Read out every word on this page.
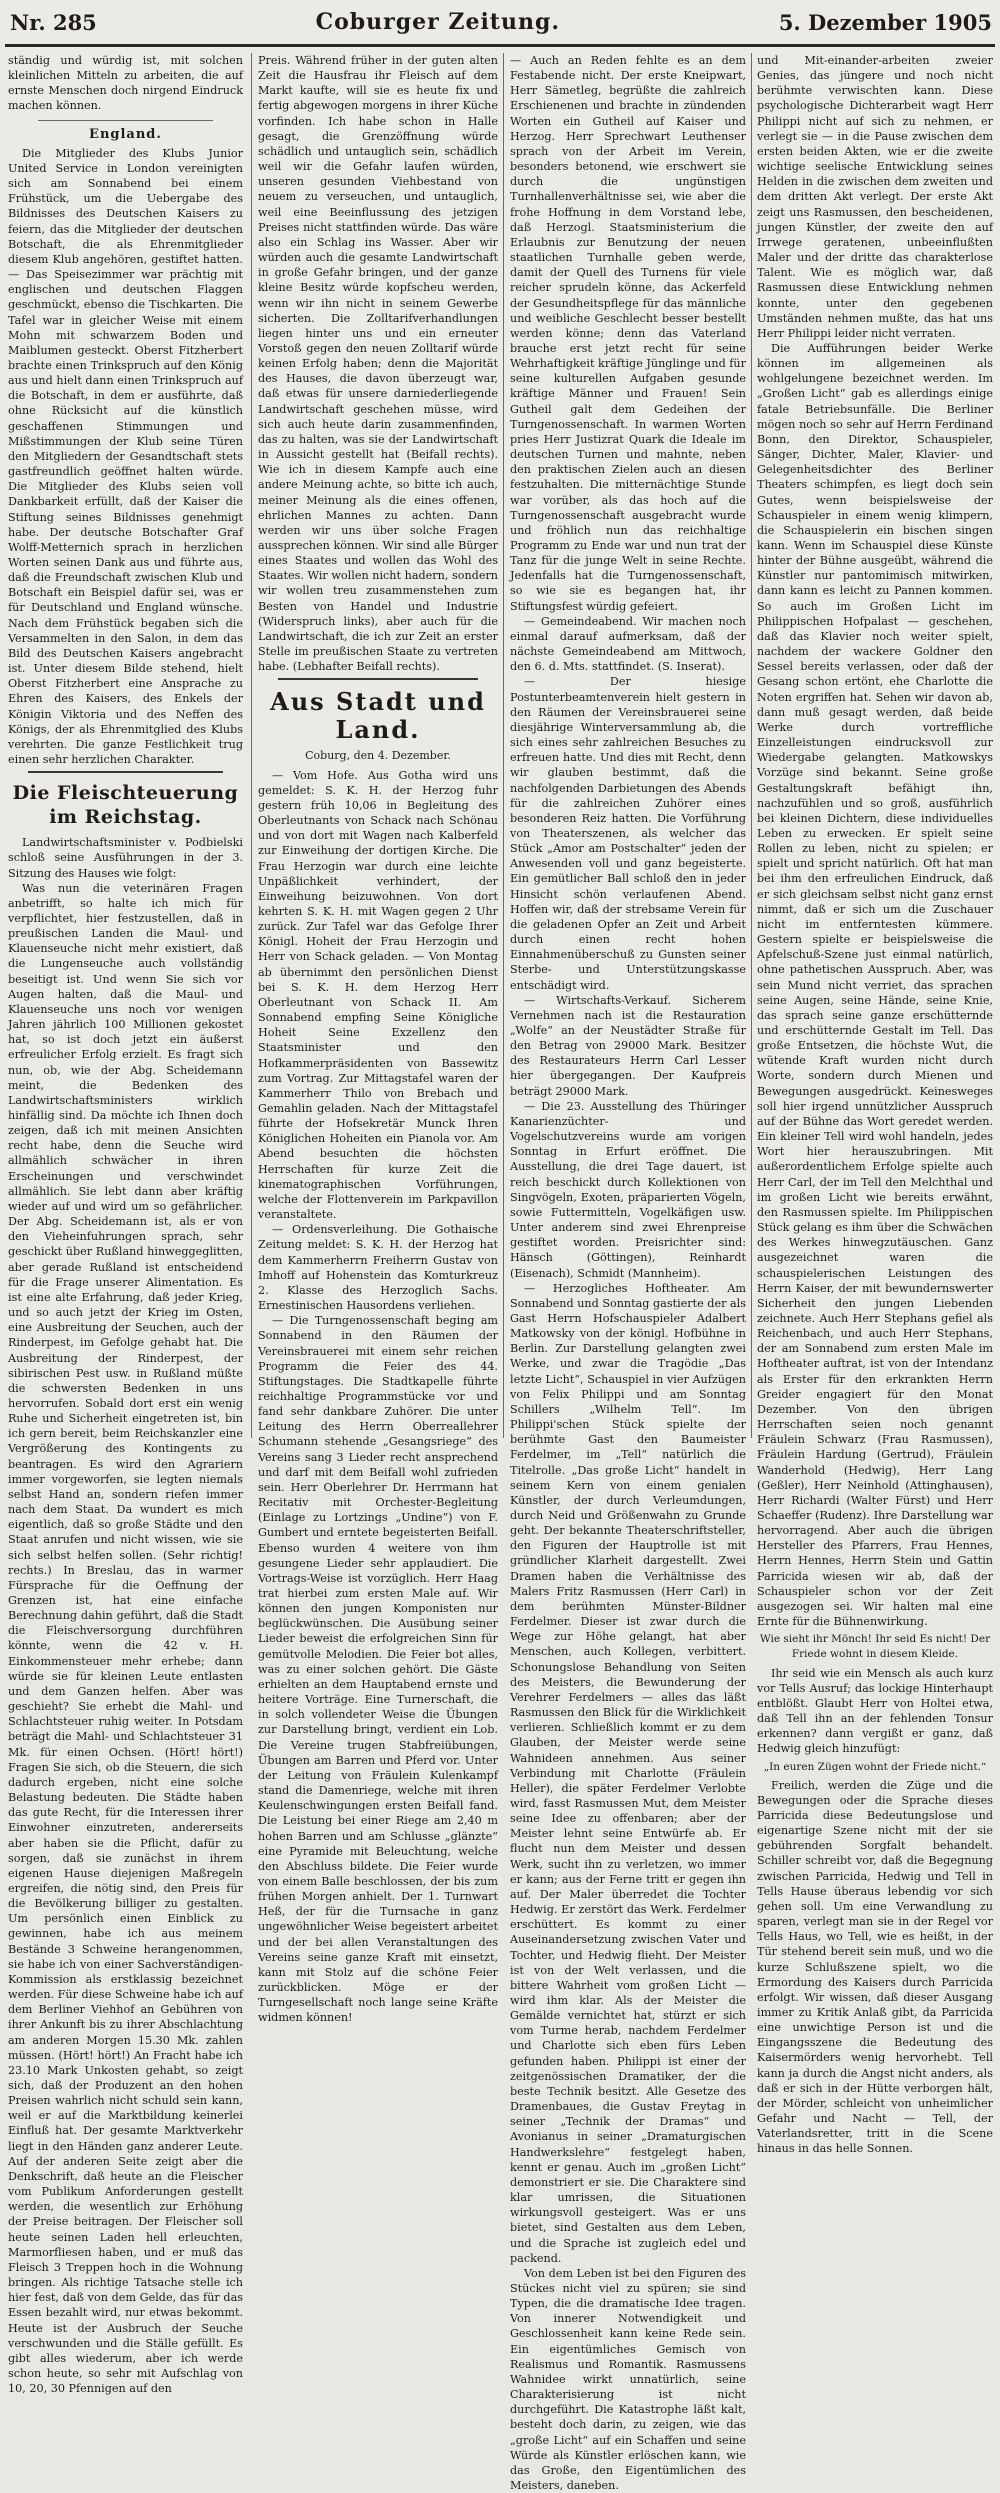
Nr. 285	Coburger Zeitung.	5. Dezember 1905

ständig und würdig ist, mit solchen kleinlichen Mitteln zu arbeiten, die auf ernste Menschen doch nirgend Eindruck machen können.

England.

Die Mitglieder des Klubs Junior United Service in London vereinigten sich am Sonnabend bei einem Frühstück, um die Uebergabe des Bildnisses des Deutschen Kaisers zu feiern, das die Mitglieder der deutschen Botschaft, die als Ehrenmitglieder diesem Klub angehören, gestiftet hatten. — Das Speisezimmer war prächtig mit englischen und deutschen Flaggen geschmückt, ebenso die Tischkarten. Die Tafel war in gleicher Weise mit einem Mohn mit schwarzem Boden und Maiblumen gesteckt. Oberst Fitzherbert brachte einen Trinkspruch auf den König aus und hielt dann einen Trinkspruch auf die Botschaft, in dem er ausführte, daß ohne Rücksicht auf die künstlich geschaffenen Stimmungen und Mißstimmungen der Klub seine Türen den Mitgliedern der Gesandtschaft stets gastfreundlich geöffnet halten würde. Die Mitglieder des Klubs seien voll Dankbarkeit erfüllt, daß der Kaiser die Stiftung seines Bildnisses genehmigt habe. Der deutsche Botschafter Graf Wolff-Metternich sprach in herzlichen Worten seinen Dank aus und führte aus, daß die Freundschaft zwischen Klub und Botschaft ein Beispiel dafür sei, was er für Deutschland und England wünsche. Nach dem Frühstück begaben sich die Versammelten in den Salon, in dem das Bild des Deutschen Kaisers angebracht ist. Unter diesem Bilde stehend, hielt Oberst Fitzherbert eine Ansprache zu Ehren des Kaisers, des Enkels der Königin Viktoria und des Neffen des Königs, der als Ehrenmitglied des Klubs verehrten. Die ganze Festlichkeit trug einen sehr herzlichen Charakter.

Die Fleischteuerung im Reichstag.

Landwirtschaftsminister v. Podbielski schloß seine Ausführungen in der 3. Sitzung des Hauses wie folgt:

Was nun die veterinären Fragen anbetrifft, so halte ich mich für verpflichtet, hier festzustellen, daß in preußischen Landen die Maul- und Klauenseuche nicht mehr existiert, daß die Lungenseuche auch vollständig beseitigt ist. Und wenn Sie sich vor Augen halten, daß die Maul- und Klauenseuche uns noch vor wenigen Jahren jährlich 100 Millionen gekostet hat, so ist doch jetzt ein äußerst erfreulicher Erfolg erzielt. Es fragt sich nun, ob, wie der Abg. Scheidemann meint, die Bedenken des Landwirtschaftsministers wirklich hinfällig sind. Da möchte ich Ihnen doch zeigen, daß ich mit meinen Ansichten recht habe, denn die Seuche wird allmählich schwächer in ihren Erscheinungen und verschwindet allmählich. Sie lebt dann aber kräftig wieder auf und wird um so gefährlicher. Der Abg. Scheidemann ist, als er von den Vieheinfuhrungen sprach, sehr geschickt über Rußland hinweggeglitten, aber gerade Rußland ist entscheidend für die Frage unserer Alimentation. Es ist eine alte Erfahrung, daß jeder Krieg, und so auch jetzt der Krieg im Osten, eine Ausbreitung der Seuchen, auch der Rinderpest, im Gefolge gehabt hat. Die Ausbreitung der Rinderpest, der sibirischen Pest usw. in Rußland müßte die schwersten Bedenken in uns hervorrufen. Sobald dort erst ein wenig Ruhe und Sicherheit eingetreten ist, bin ich gern bereit, beim Reichskanzler eine Vergrößerung des Kontingents zu beantragen. Es wird den Agrariern immer vorgeworfen, sie legten niemals selbst Hand an, sondern riefen immer nach dem Staat. Da wundert es mich eigentlich, daß so große Städte und den Staat anrufen und nicht wissen, wie sie sich selbst helfen sollen. (Sehr richtig! rechts.) In Breslau, das in warmer Fürsprache für die Oeffnung der Grenzen ist, hat eine einfache Berechnung dahin geführt, daß die Stadt die Fleischversorgung durchführen könnte, wenn die 42 v. H. Einkommensteuer mehr erhebe; dann würde sie für kleinen Leute entlasten und dem Ganzen helfen. Aber was geschieht? Sie erhebt die Mahl- und Schlachtsteuer ruhig weiter. In Potsdam beträgt die Mahl- und Schlachtsteuer 31 Mk. für einen Ochsen. (Hört! hört!) Fragen Sie sich, ob die Steuern, die sich dadurch ergeben, nicht eine solche Belastung bedeuten. Die Städte haben das gute Recht, für die Interessen ihrer Einwohner einzutreten, andererseits aber haben sie die Pflicht, dafür zu sorgen, daß sie zunächst in ihrem eigenen Hause diejenigen Maßregeln ergreifen, die nötig sind, den Preis für die Bevölkerung billiger zu gestalten. Um persönlich einen Einblick zu gewinnen, habe ich aus meinem Bestände 3 Schweine herangenommen, sie habe ich von einer Sachverständigen-Kommission als erstklassig bezeichnet werden. Für diese Schweine habe ich auf dem Berliner Viehhof an Gebühren von ihrer Ankunft bis zu ihrer Abschlachtung am anderen Morgen 15.30 Mk. zahlen müssen. (Hört! hört!) An Fracht habe ich 23.10 Mark Unkosten gehabt, so zeigt sich, daß der Produzent an den hohen Preisen wahrlich nicht schuld sein kann, weil er auf die Marktbildung keinerlei Einfluß hat. Der gesamte Marktverkehr liegt in den Händen ganz anderer Leute. Auf der anderen Seite zeigt aber die Denkschrift, daß heute an die Fleischer vom Publikum Anforderungen gestellt werden, die wesentlich zur Erhöhung der Preise beitragen. Der Fleischer soll heute seinen Laden hell erleuchten, Marmorfliesen haben, und er muß das Fleisch 3 Treppen hoch in die Wohnung bringen. Als richtige Tatsache stelle ich hier fest, daß von dem Gelde, das für das Essen bezahlt wird, nur etwas bekommt. Heute ist der Ausbruch der Seuche verschwunden und die Ställe gefüllt. Es gibt alles wiederum, aber ich werde schon heute, so sehr mit Aufschlag von 10, 20, 30 Pfennigen auf den

Preis. Während früher in der guten alten Zeit die Hausfrau ihr Fleisch auf dem Markt kaufte, will sie es heute fix und fertig abgewogen morgens in ihrer Küche vorfinden. Ich habe schon in Halle gesagt, die Grenzöffnung würde schädlich und untauglich sein, schädlich weil wir die Gefahr laufen würden, unseren gesunden Viehbestand von neuem zu verseuchen, und untauglich, weil eine Beeinflussung des jetzigen Preises nicht stattfinden würde. Das wäre also ein Schlag ins Wasser. Aber wir würden auch die gesamte Landwirtschaft in große Gefahr bringen, und der ganze kleine Besitz würde kopfscheu werden, wenn wir ihn nicht in seinem Gewerbe sicherten. Die Zolltarifverhandlungen liegen hinter uns und ein erneuter Vorstoß gegen den neuen Zolltarif würde keinen Erfolg haben; denn die Majorität des Hauses, die davon überzeugt war, daß etwas für unsere darniederliegende Landwirtschaft geschehen müsse, wird sich auch heute darin zusammenfinden, das zu halten, was sie der Landwirtschaft in Aussicht gestellt hat (Beifall rechts). Wie ich in diesem Kampfe auch eine andere Meinung achte, so bitte ich auch, meiner Meinung als die eines offenen, ehrlichen Mannes zu achten. Dann werden wir uns über solche Fragen aussprechen können. Wir sind alle Bürger eines Staates und wollen das Wohl des Staates. Wir wollen nicht hadern, sondern wir wollen treu zusammenstehen zum Besten von Handel und Industrie (Widerspruch links), aber auch für die Landwirtschaft, die ich zur Zeit an erster Stelle im preußischen Staate zu vertreten habe. (Lebhafter Beifall rechts).

Aus Stadt und Land.
Coburg, den 4. Dezember.

— Vom Hofe. Aus Gotha wird uns gemeldet: S. K. H. der Herzog fuhr gestern früh 10,06 in Begleitung des Oberleutnants von Schack nach Schönau und von dort mit Wagen nach Kalberfeld zur Einweihung der dortigen Kirche. Die Frau Herzogin war durch eine leichte Unpäßlichkeit verhindert, der Einweihung beizuwohnen. Von dort kehrten S. K. H. mit Wagen gegen 2 Uhr zurück. Zur Tafel war das Gefolge Ihrer Königl. Hoheit der Frau Herzogin und Herr von Schack geladen. — Von Montag ab übernimmt den persönlichen Dienst bei S. K. H. dem Herzog Herr Oberleutnant von Schack II. Am Sonnabend empfing Seine Königliche Hoheit Seine Exzellenz den Staatsminister und den Hofkammerpräsidenten von Bassewitz zum Vortrag. Zur Mittagstafel waren der Kammerherr Thilo von Brebach und Gemahlin geladen. Nach der Mittagstafel führte der Hofsekretär Munck Ihren Königlichen Hoheiten ein Pianola vor. Am Abend besuchten die höchsten Herrschaften für kurze Zeit die kinematographischen Vorführungen, welche der Flottenverein im Parkpavillon veranstaltete.

— Ordensverleihung. Die Gothaische Zeitung meldet: S. K. H. der Herzog hat dem Kammerherrn Freiherrn Gustav von Imhoff auf Hohenstein das Komturkreuz 2. Klasse des Herzoglich Sachs. Ernestinischen Hausordens verliehen.

— Die Turngenossenschaft beging am Sonnabend in den Räumen der Vereinsbrauerei mit einem sehr reichen Programm die Feier des 44. Stiftungstages. Die Stadtkapelle führte reichhaltige Programmstücke vor und fand sehr dankbare Zuhörer. Die unter Leitung des Herrn Oberreallehrer Schumann stehende „Gesangsriege“ des Vereins sang 3 Lieder recht ansprechend und darf mit dem Beifall wohl zufrieden sein. Herr Oberlehrer Dr. Herrmann hat Recitativ mit Orchester-Begleitung (Einlage zu Lortzings „Undine“) von F. Gumbert und erntete begeisterten Beifall. Ebenso wurden 4 weitere von ihm gesungene Lieder sehr applaudiert. Die Vortrags-Weise ist vorzüglich. Herr Haag trat hierbei zum ersten Male auf. Wir können den jungen Komponisten nur beglückwünschen. Die Ausübung seiner Lieder beweist die erfolgreichen Sinn für gemütvolle Melodien. Die Feier bot alles, was zu einer solchen gehört. Die Gäste erhielten an dem Hauptabend ernste und heitere Vorträge. Eine Turnerschaft, die in solch vollendeter Weise die Übungen zur Darstellung bringt, verdient ein Lob. Die Vereine trugen Stabfreiübungen, Übungen am Barren und Pferd vor. Unter der Leitung von Fräulein Kulenkampf stand die Damenriege, welche mit ihren Keulenschwingungen ersten Beifall fand. Die Leistung bei einer Riege am 2,40 m hohen Barren und am Schlusse „glänzte“ eine Pyramide mit Beleuchtung, welche den Abschluss bildete. Die Feier wurde von einem Balle beschlossen, der bis zum frühen Morgen anhielt. Der 1. Turnwart Heß, der für die Turnsache in ganz ungewöhnlicher Weise begeistert arbeitet und der bei allen Veranstaltungen des Vereins seine ganze Kraft mit einsetzt, kann mit Stolz auf die schöne Feier zurückblicken. Möge er der Turngesellschaft noch lange seine Kräfte widmen können!

— Auch an Reden fehlte es an dem Festabende nicht. Der erste Kneipwart, Herr Sämetleg, begrüßte die zahlreich Erschienenen und brachte in zündenden Worten ein Gutheil auf Kaiser und Herzog. Herr Sprechwart Leuthenser sprach von der Arbeit im Verein, besonders betonend, wie erschwert sie durch die ungünstigen Turnhallenverhältnisse sei, wie aber die frohe Hoffnung in dem Vorstand lebe, daß Herzogl. Staatsministerium die Erlaubnis zur Benutzung der neuen staatlichen Turnhalle geben werde, damit der Quell des Turnens für viele reicher sprudeln könne, das Ackerfeld der Gesundheitspflege für das männliche und weibliche Geschlecht besser bestellt werden könne; denn das Vaterland brauche erst jetzt recht für seine Wehrhaftigkeit kräftige Jünglinge und für seine kulturellen Aufgaben gesunde kräftige Männer und Frauen! Sein Gutheil galt dem Gedeihen der Turngenossenschaft. In warmen Worten pries Herr Justizrat Quark die Ideale im deutschen Turnen und mahnte, neben den praktischen Zielen auch an diesen festzuhalten. Die mitternächtige Stunde war vorüber, als das hoch auf die Turngenossenschaft ausgebracht wurde und fröhlich nun das reichhaltige Programm zu Ende war und nun trat der Tanz für die junge Welt in seine Rechte. Jedenfalls hat die Turngenossenschaft, so wie sie es begangen hat, ihr Stiftungsfest würdig gefeiert.

— Gemeindeabend. Wir machen noch einmal darauf aufmerksam, daß der nächste Gemeindeabend am Mittwoch, den 6. d. Mts. stattfindet. (S. Inserat).

— Der hiesige Postunterbeamtenverein hielt gestern in den Räumen der Vereinsbrauerei seine diesjährige Winterversammlung ab, die sich eines sehr zahlreichen Besuches zu erfreuen hatte. Und dies mit Recht, denn wir glauben bestimmt, daß die nachfolgenden Darbietungen des Abends für die zahlreichen Zuhörer eines besonderen Reiz hatten. Die Vorführung von Theaterszenen, als welcher das Stück „Amor am Postschalter“ jeden der Anwesenden voll und ganz begeisterte. Ein gemütlicher Ball schloß den in jeder Hinsicht schön verlaufenen Abend. Hoffen wir, daß der strebsame Verein für die geladenen Opfer an Zeit und Arbeit durch einen recht hohen Einnahmenüberschuß zu Gunsten seiner Sterbe- und Unterstützungskasse entschädigt wird.

— Wirtschafts-Verkauf. Sicherem Vernehmen nach ist die Restauration „Wolfe“ an der Neustädter Straße für den Betrag von 29000 Mark. Besitzer des Restaurateurs Herrn Carl Lesser hier übergegangen. Der Kaufpreis beträgt 29000 Mark.

— Die 23. Ausstellung des Thüringer Kanarienzüchter- und Vogelschutzvereins wurde am vorigen Sonntag in Erfurt eröffnet. Die Ausstellung, die drei Tage dauert, ist reich beschickt durch Kollektionen von Singvögeln, Exoten, präparierten Vögeln, sowie Futtermitteln, Vogelkäfigen usw. Unter anderem sind zwei Ehrenpreise gestiftet worden. Preisrichter sind: Hänsch (Göttingen), Reinhardt (Eisenach), Schmidt (Mannheim).

— Herzogliches Hoftheater. Am Sonnabend und Sonntag gastierte der als Gast Herrn Hofschauspieler Adalbert Matkowsky von der königl. Hofbühne in Berlin. Zur Darstellung gelangten zwei Werke, und zwar die Tragödie „Das letzte Licht“, Schauspiel in vier Aufzügen von Felix Philippi und am Sonntag Schillers „Wilhelm Tell“. Im Philippi'schen Stück spielte der berühmte Gast den Baumeister Ferdelmer, im „Tell“ natürlich die Titelrolle. „Das große Licht“ handelt in seinem Kern von einem genialen Künstler, der durch Verleumdungen, durch Neid und Größenwahn zu Grunde geht. Der bekannte Theaterschriftsteller, den Figuren der Hauptrolle ist mit gründlicher Klarheit dargestellt. Zwei Dramen haben die Verhältnisse des Malers Fritz Rasmussen (Herr Carl) in dem berühmten Münster-Bildner Ferdelmer. Dieser ist zwar durch die Wege zur Höhe gelangt, hat aber Menschen, auch Kollegen, verbittert. Schonungslose Behandlung von Seiten des Meisters, die Bewunderung der Verehrer Ferdelmers — alles das läßt Rasmussen den Blick für die Wirklichkeit verlieren. Schließlich kommt er zu dem Glauben, der Meister werde seine Wahnideen annehmen. Aus seiner Verbindung mit Charlotte (Fräulein Heller), die später Ferdelmer Verlobte wird, fasst Rasmussen Mut, dem Meister seine Idee zu offenbaren; aber der Meister lehnt seine Entwürfe ab. Er flucht nun dem Meister und dessen Werk, sucht ihn zu verletzen, wo immer er kann; aus der Ferne tritt er gegen ihn auf. Der Maler überredet die Tochter Hedwig. Er zerstört das Werk. Ferdelmer erschüttert. Es kommt zu einer Auseinandersetzung zwischen Vater und Tochter, und Hedwig flieht. Der Meister ist von der Welt verlassen, und die bittere Wahrheit vom großen Licht — wird ihm klar. Als der Meister die Gemälde vernichtet hat, stürzt er sich vom Turme herab, nachdem Ferdelmer und Charlotte sich eben fürs Leben gefunden haben. Philippi ist einer der zeitgenössischen Dramatiker, der die beste Technik besitzt. Alle Gesetze des Dramenbaues, die Gustav Freytag in seiner „Technik der Dramas“ und Avonianus in seiner „Dramaturgischen Handwerkslehre“ festgelegt haben, kennt er genau. Auch im „großen Licht“ demonstriert er sie. Die Charaktere sind klar umrissen, die Situationen wirkungsvoll gesteigert. Was er uns bietet, sind Gestalten aus dem Leben, und die Sprache ist zugleich edel und packend.

Von dem Leben ist bei den Figuren des Stückes nicht viel zu spüren; sie sind Typen, die die dramatische Idee tragen. Von innerer Notwendigkeit und Geschlossenheit kann keine Rede sein. Ein eigentümliches Gemisch von Realismus und Romantik. Rasmussens Wahnidee wirkt unnatürlich, seine Charakterisierung ist nicht durchgeführt. Die Katastrophe läßt kalt, besteht doch darin, zu zeigen, wie das „große Licht“ auf ein Schaffen und seine Würde als Künstler erlöschen kann, wie das Große, den Eigentümlichen des Meisters, daneben.

und Mit-einander-arbeiten zweier Genies, das jüngere und noch nicht berühmte verwischten kann. Diese psychologische Dichterarbeit wagt Herr Philippi nicht auf sich zu nehmen, er verlegt sie — in die Pause zwischen dem ersten beiden Akten, wie er die zweite wichtige seelische Entwicklung seines Helden in die zwischen dem zweiten und dem dritten Akt verlegt. Der erste Akt zeigt uns Rasmussen, den bescheidenen, jungen Künstler, der zweite den auf Irrwege geratenen, unbeeinflußten Maler und der dritte das charakterlose Talent. Wie es möglich war, daß Rasmussen diese Entwicklung nehmen konnte, unter den gegebenen Umständen nehmen mußte, das hat uns Herr Philippi leider nicht verraten.

Die Aufführungen beider Werke können im allgemeinen als wohlgelungene bezeichnet werden. Im „Großen Licht“ gab es allerdings einige fatale Betriebsunfälle. Die Berliner mögen noch so sehr auf Herrn Ferdinand Bonn, den Direktor, Schauspieler, Sänger, Dichter, Maler, Klavier- und Gelegenheitsdichter des Berliner Theaters schimpfen, es liegt doch sein Gutes, wenn beispielsweise der Schauspieler in einem wenig klimpern, die Schauspielerin ein bischen singen kann. Wenn im Schauspiel diese Künste hinter der Bühne ausgeübt, während die Künstler nur pantomimisch mitwirken, dann kann es leicht zu Pannen kommen. So auch im Großen Licht im Philippischen Hofpalast — geschehen, daß das Klavier noch weiter spielt, nachdem der wackere Goldner den Sessel bereits verlassen, oder daß der Gesang schon ertönt, ehe Charlotte die Noten ergriffen hat. Sehen wir davon ab, dann muß gesagt werden, daß beide Werke durch vortreffliche Einzelleistungen eindrucksvoll zur Wiedergabe gelangten. Matkowskys Vorzüge sind bekannt. Seine große Gestaltungskraft befähigt ihn, nachzufühlen und so groß, ausführlich bei kleinen Dichtern, diese individuelles Leben zu erwecken. Er spielt seine Rollen zu leben, nicht zu spielen; er spielt und spricht natürlich. Oft hat man bei ihm den erfreulichen Eindruck, daß er sich gleichsam selbst nicht ganz ernst nimmt, daß er sich um die Zuschauer nicht im entferntesten kümmere. Gestern spielte er beispielsweise die Apfelschuß-Szene just einmal natürlich, ohne pathetischen Ausspruch. Aber, was sein Mund nicht verriet, das sprachen seine Augen, seine Hände, seine Knie, das sprach seine ganze erschütternde und erschütternde Gestalt im Tell. Das große Entsetzen, die höchste Wut, die wütende Kraft wurden nicht durch Worte, sondern durch Mienen und Bewegungen ausgedrückt. Keinesweges soll hier irgend unnützlicher Ausspruch auf der Bühne das Wort geredet werden. Ein kleiner Tell wird wohl handeln, jedes Wort hier herauszubringen. Mit außerordentlichem Erfolge spielte auch Herr Carl, der im Tell den Melchthal und im großen Licht wie bereits erwähnt, den Rasmussen spielte. Im Philippischen Stück gelang es ihm über die Schwächen des Werkes hinwegzutäuschen. Ganz ausgezeichnet waren die schauspielerischen Leistungen des Herrn Kaiser, der mit bewundernswerter Sicherheit den jungen Liebenden zeichnete. Auch Herr Stephans gefiel als Reichenbach, und auch Herr Stephans, der am Sonnabend zum ersten Male im Hoftheater auftrat, ist von der Intendanz als Erster für den erkrankten Herrn Greider engagiert für den Monat Dezember. Von den übrigen Herrschaften seien noch genannt Fräulein Schwarz (Frau Rasmussen), Fräulein Hardung (Gertrud), Fräulein Wanderhold (Hedwig), Herr Lang (Geßler), Herr Neinhold (Attinghausen), Herr Richardi (Walter Fürst) und Herr Schaeffer (Rudenz). Ihre Darstellung war hervorragend. Aber auch die übrigen Hersteller des Pfarrers, Frau Hennes, Herrn Hennes, Herrn Stein und Gattin Parricida wiesen wir ab, daß der Schauspieler schon vor der Zeit ausgezogen sei. Wir halten mal eine Ernte für die Bühnenwirkung.

Wie sieht ihr Mönch! Ihr seid Es nicht! Der Friede wohnt in diesem Kleide.

Ihr seid wie ein Mensch als auch kurz vor Tells Ausruf; das lockige Hinterhaupt entblößt. Glaubt Herr von Holtei etwa, daß Tell ihn an der fehlenden Tonsur erkennen? dann vergißt er ganz, daß Hedwig gleich hinzufügt:

„In euren Zügen wohnt der Friede nicht.“

Freilich, werden die Züge und die Bewegungen oder die Sprache dieses Parricida diese Bedeutungslose und eigenartige Szene nicht mit der sie gebührenden Sorgfalt behandelt. Schiller schreibt vor, daß die Begegnung zwischen Parricida, Hedwig und Tell in Tells Hause überaus lebendig vor sich gehen soll. Um eine Verwandlung zu sparen, verlegt man sie in der Regel vor Tells Haus, wo Tell, wie es heißt, in der Tür stehend bereit sein muß, und wo die kurze Schlußszene spielt, wo die Ermordung des Kaisers durch Parricida erfolgt. Wir wissen, daß dieser Ausgang immer zu Kritik Anlaß gibt, da Parricida eine unwichtige Person ist und die Eingangsszene die Bedeutung des Kaisermörders wenig hervorhebt. Tell kann ja durch die Angst nicht anders, als daß er sich in der Hütte verborgen hält, der Mörder, schleicht von unheimlicher Gefahr und Nacht — Tell, der Vaterlandsretter, tritt in die Scene hinaus in das helle Sonnen.
